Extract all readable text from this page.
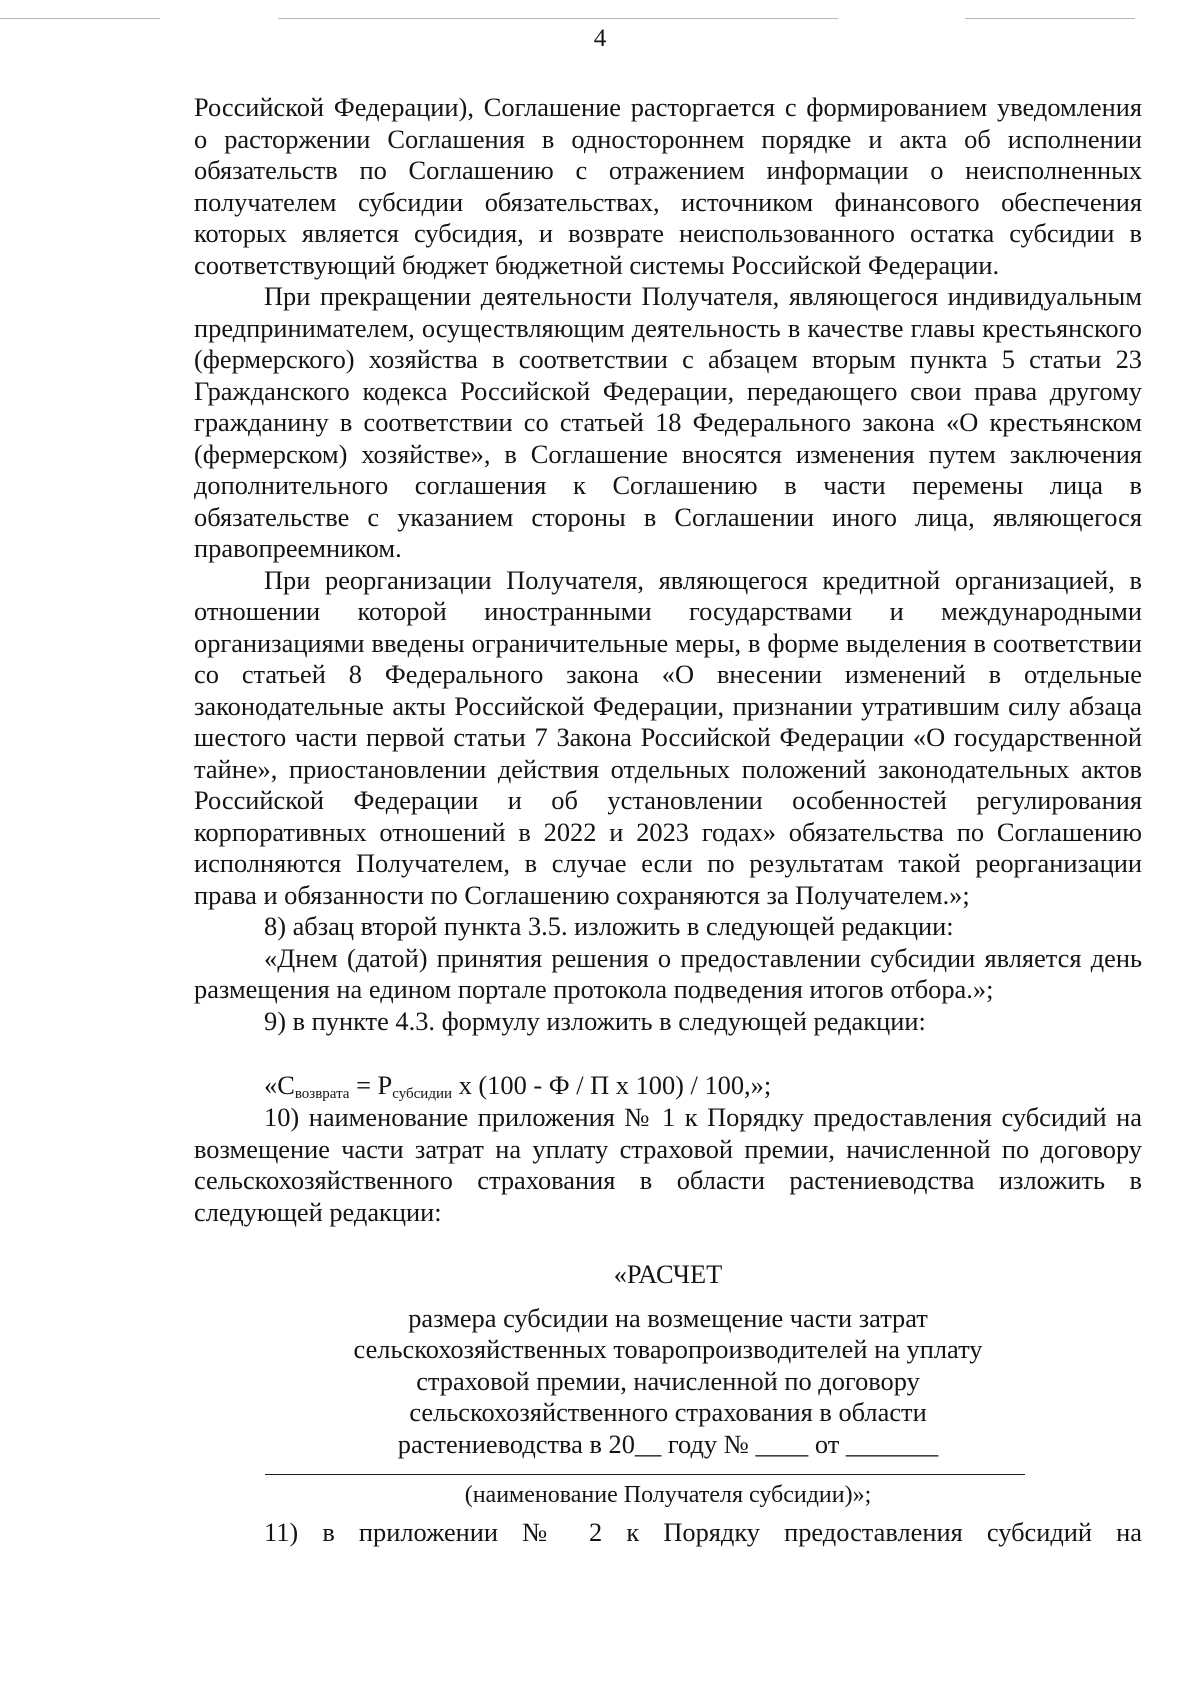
4

Российской Федерации), Соглашение расторгается с формированием уведомления о расторжении Соглашения в одностороннем порядке и акта об исполнении обязательств по Соглашению с отражением информации о неисполненных получателем субсидии обязательствах, источником финансового обеспечения которых является субсидия, и возврате неиспользованного остатка субсидии в соответствующий бюджет бюджетной системы Российской Федерации.

При прекращении деятельности Получателя, являющегося индивидуальным предпринимателем, осуществляющим деятельность в качестве главы крестьянского (фермерского) хозяйства в соответствии с абзацем вторым пункта 5 статьи 23 Гражданского кодекса Российской Федерации, передающего свои права другому гражданину в соответствии со статьей 18 Федерального закона «О крестьянском (фермерском) хозяйстве», в Соглашение вносятся изменения путем заключения дополнительного соглашения к Соглашению в части перемены лица в обязательстве с указанием стороны в Соглашении иного лица, являющегося правопреемником.

При реорганизации Получателя, являющегося кредитной организацией, в отношении которой иностранными государствами и международными организациями введены ограничительные меры, в форме выделения в соответствии со статьей 8 Федерального закона «О внесении изменений в отдельные законодательные акты Российской Федерации, признании утратившим силу абзаца шестого части первой статьи 7 Закона Российской Федерации «О государственной тайне», приостановлении действия отдельных положений законодательных актов Российской Федерации и об установлении особенностей регулирования корпоративных отношений в 2022 и 2023 годах» обязательства по Соглашению исполняются Получателем, в случае если по результатам такой реорганизации права и обязанности по Соглашению сохраняются за Получателем.»;

8) абзац второй пункта 3.5. изложить в следующей редакции:

«Днем (датой) принятия решения о предоставлении субсидии является день размещения на едином портале протокола подведения итогов отбора.»;

9) в пункте 4.3. формулу изложить в следующей редакции:

«$С_{возврата} = Р_{субсидии}$ х (100 - Ф / П х 100) / 100,»;

10) наименование приложения № 1 к Порядку предоставления субсидий на возмещение части затрат на уплату страховой премии, начисленной по договору сельскохозяйственного страхования в области растениеводства изложить в следующей редакции:

«РАСЧЕТ
размера субсидии на возмещение части затрат
сельскохозяйственных товаропроизводителей на уплату
страховой премии, начисленной по договору
сельскохозяйственного страхования в области
растениеводства в 20__ году № ____ от _______
(наименование Получателя субсидии)»;
11) в приложении № 2 к Порядку предоставления субсидий на
